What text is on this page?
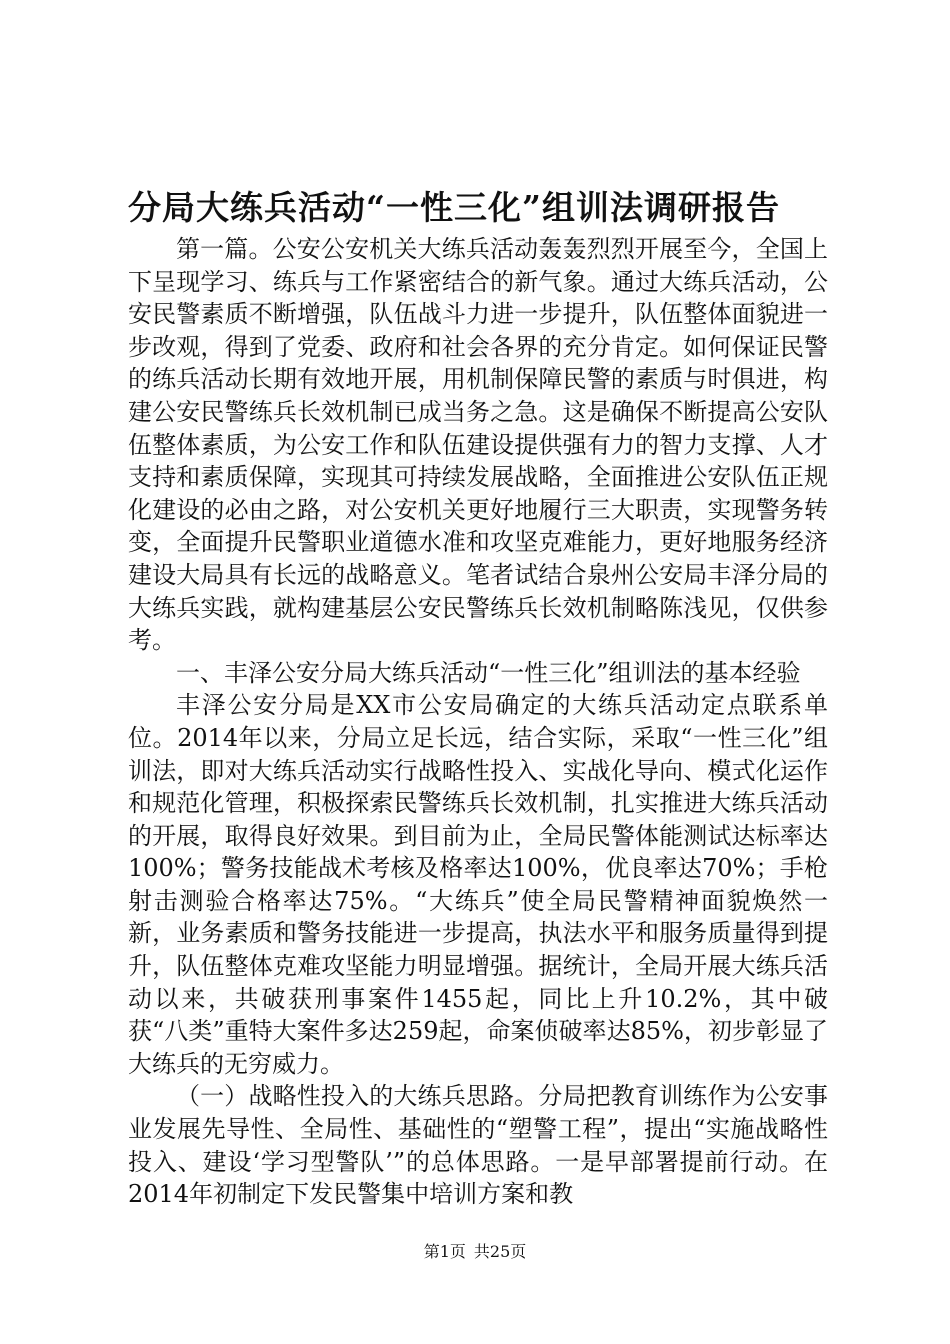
分局大练兵活动“一性三化”组训法调研报告

第一篇。公安公安机关大练兵活动轰轰烈烈开展至今，全国上下呈现学习、练兵与工作紧密结合的新气象。通过大练兵活动，公安民警素质不断增强，队伍战斗力进一步提升，队伍整体面貌进一步改观，得到了党委、政府和社会各界的充分肯定。如何保证民警的练兵活动长期有效地开展，用机制保障民警的素质与时俱进，构建公安民警练兵长效机制已成当务之急。这是确保不断提高公安队伍整体素质，为公安工作和队伍建设提供强有力的智力支撑、人才支持和素质保障，实现其可持续发展战略，全面推进公安队伍正规化建设的必由之路，对公安机关更好地履行三大职责，实现警务转变，全面提升民警职业道德水准和攻坚克难能力，更好地服务经济建设大局具有长远的战略意义。笔者试结合泉州公安局丰泽分局的大练兵实践，就构建基层公安民警练兵长效机制略陈浅见，仅供参考。

一、丰泽公安分局大练兵活动“一性三化”组训法的基本经验

丰泽公安分局是XX市公安局确定的大练兵活动定点联系单位。2014年以来，分局立足长远，结合实际，采取“一性三化”组训法，即对大练兵活动实行战略性投入、实战化导向、模式化运作和规范化管理，积极探索民警练兵长效机制，扎实推进大练兵活动的开展，取得良好效果。到目前为止，全局民警体能测试达标率达100%；警务技能战术考核及格率达100%，优良率达70%；手枪射击测验合格率达75%。“大练兵”使全局民警精神面貌焕然一新，业务素质和警务技能进一步提高，执法水平和服务质量得到提升，队伍整体克难攻坚能力明显增强。据统计，全局开展大练兵活动以来，共破获刑事案件1455起，同比上升10.2%，其中破获“八类”重特大案件多达259起，命案侦破率达85%，初步彰显了大练兵的无穷威力。

（一）战略性投入的大练兵思路。分局把教育训练作为公安事业发展先导性、全局性、基础性的“塑警工程”，提出“实施战略性投入、建设‘学习型警队’”的总体思路。一是早部署提前行动。在2014年初制定下发民警集中培训方案和教

第1页 共25页
